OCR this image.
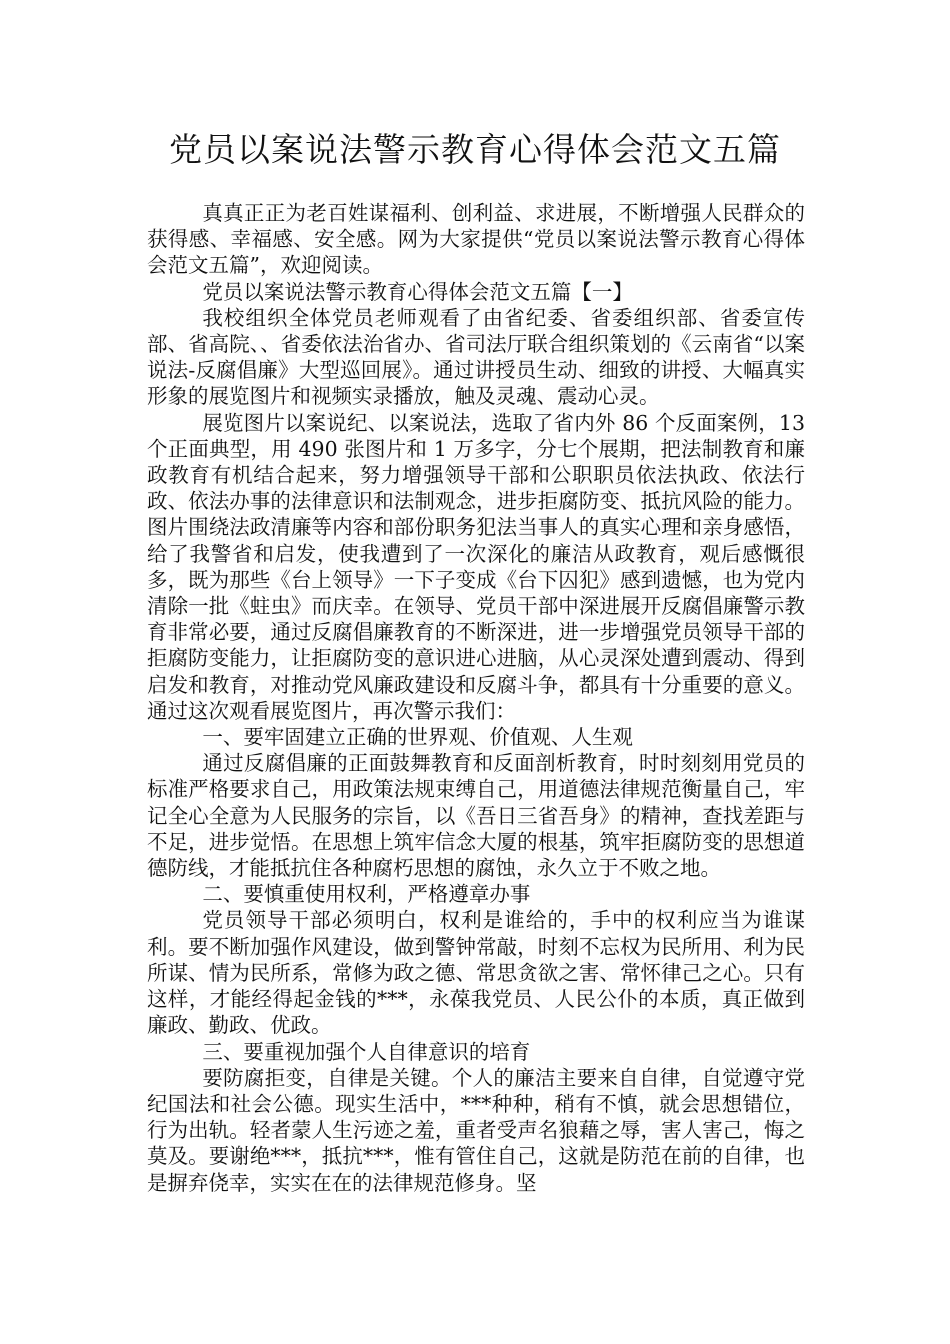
党员以案说法警示教育心得体会范文五篇

真真正正为老百姓谋福利、创利益、求进展，不断增强人民群众的获得感、幸福感、安全感。网为大家提供“党员以案说法警示教育心得体会范文五篇”，欢迎阅读。

党员以案说法警示教育心得体会范文五篇【一】

我校组织全体党员老师观看了由省纪委、省委组织部、省委宣传部、省高院、、省委依法治省办、省司法厅联合组织策划的《云南省“以案说法-反腐倡廉》大型巡回展》。通过讲授员生动、细致的讲授、大幅真实形象的展览图片和视频实录播放，触及灵魂、震动心灵。

展览图片以案说纪、以案说法，选取了省内外 86 个反面案例，13 个正面典型，用 490 张图片和 1 万多字，分七个展期，把法制教育和廉政教育有机结合起来，努力增强领导干部和公职职员依法执政、依法行政、依法办事的法律意识和法制观念，进步拒腐防变、抵抗风险的能力。图片围绕法政清廉等内容和部份职务犯法当事人的真实心理和亲身感悟，给了我警省和启发，使我遭到了一次深化的廉洁从政教育，观后感慨很多，既为那些《台上领导》一下子变成《台下囚犯》感到遗憾，也为党内清除一批《蛀虫》而庆幸。在领导、党员干部中深进展开反腐倡廉警示教育非常必要，通过反腐倡廉教育的不断深进，进一步增强党员领导干部的拒腐防变能力，让拒腐防变的意识进心进脑，从心灵深处遭到震动、得到启发和教育，对推动党风廉政建设和反腐斗争，都具有十分重要的意义。通过这次观看展览图片，再次警示我们：

一、要牢固建立正确的世界观、价值观、人生观

通过反腐倡廉的正面鼓舞教育和反面剖析教育，时时刻刻用党员的标准严格要求自己，用政策法规束缚自己，用道德法律规范衡量自己，牢记全心全意为人民服务的宗旨，以《吾日三省吾身》的精神，查找差距与不足，进步觉悟。在思想上筑牢信念大厦的根基，筑牢拒腐防变的思想道德防线，才能抵抗住各种腐朽思想的腐蚀，永久立于不败之地。

二、要慎重使用权利，严格遵章办事

党员领导干部必须明白，权利是谁给的，手中的权利应当为谁谋利。要不断加强作风建设，做到警钟常敲，时刻不忘权为民所用、利为民所谋、情为民所系，常修为政之德、常思贪欲之害、常怀律己之心。只有这样，才能经得起金钱的***，永葆我党员、人民公仆的本质，真正做到廉政、勤政、优政。

三、要重视加强个人自律意识的培育

要防腐拒变，自律是关键。个人的廉洁主要来自自律，自觉遵守党纪国法和社会公德。现实生活中，***种种，稍有不慎，就会思想错位，行为出轨。轻者蒙人生污迹之羞，重者受声名狼藉之辱，害人害己，悔之莫及。要谢绝***，抵抗***，惟有管住自己，这就是防范在前的自律，也是摒弃侥幸，实实在在的法律规范修身。坚
